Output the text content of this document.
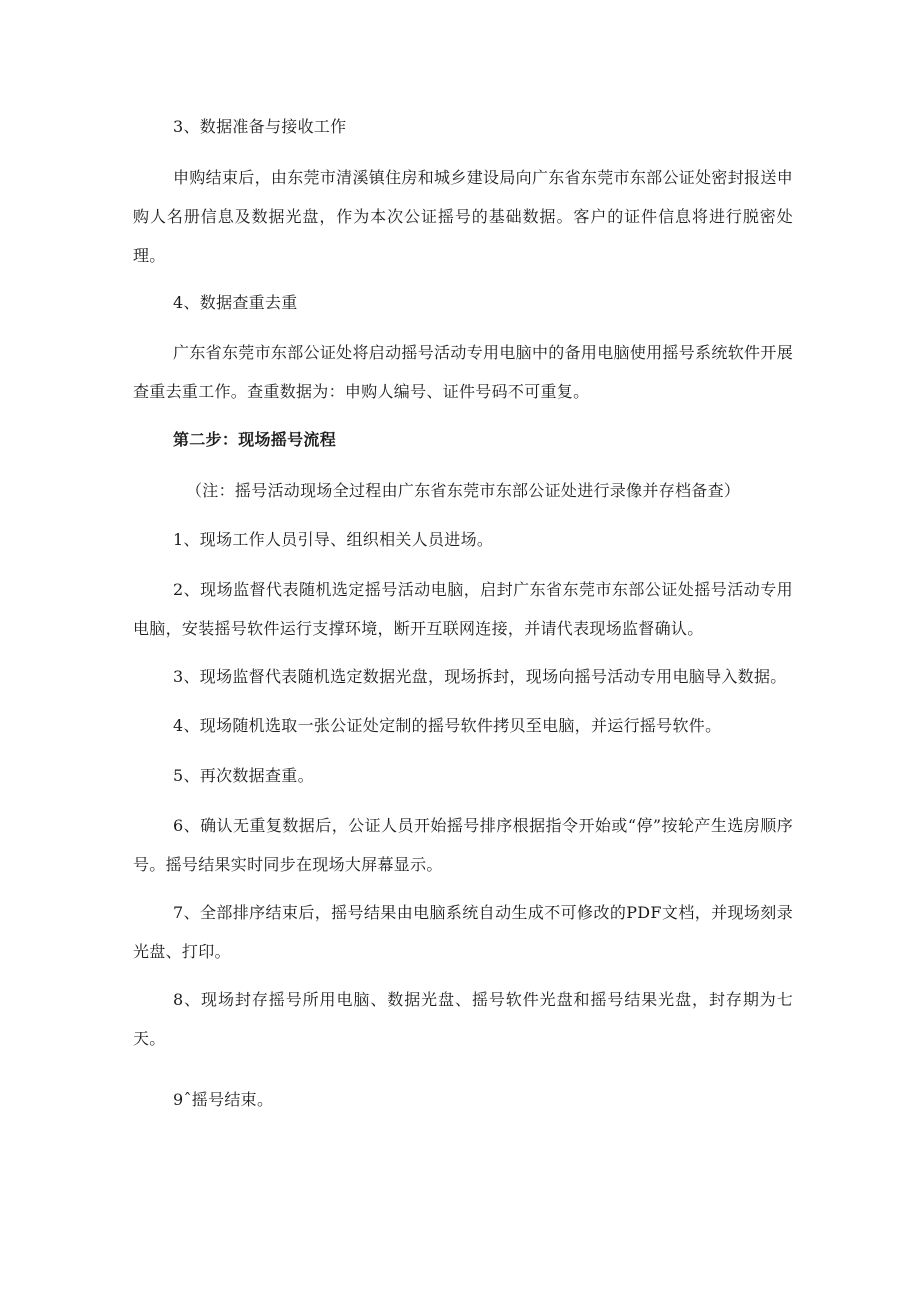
3、数据准备与接收工作

申购结束后，由东莞市清溪镇住房和城乡建设局向广东省东莞市东部公证处密封报送申购人名册信息及数据光盘，作为本次公证摇号的基础数据。客户的证件信息将进行脱密处理。

4、数据查重去重

广东省东莞市东部公证处将启动摇号活动专用电脑中的备用电脑使用摇号系统软件开展查重去重工作。查重数据为：申购人编号、证件号码不可重复。

第二步：现场摇号流程

（注：摇号活动现场全过程由广东省东莞市东部公证处进行录像并存档备查）

1、现场工作人员引导、组织相关人员进场。

2、现场监督代表随机选定摇号活动电脑，启封广东省东莞市东部公证处摇号活动专用电脑，安装摇号软件运行支撑环境，断开互联网连接，并请代表现场监督确认。

3、现场监督代表随机选定数据光盘，现场拆封，现场向摇号活动专用电脑导入数据。

4、现场随机选取一张公证处定制的摇号软件拷贝至电脑，并运行摇号软件。

5、再次数据查重。

6、确认无重复数据后，公证人员开始摇号排序根据指令开始或“停”按轮产生选房顺序号。摇号结果实时同步在现场大屏幕显示。

7、全部排序结束后，摇号结果由电脑系统自动生成不可修改的PDF文档，并现场刻录光盘、打印。

8、现场封存摇号所用电脑、数据光盘、摇号软件光盘和摇号结果光盘，封存期为七天。

9ˆ摇号结束。
